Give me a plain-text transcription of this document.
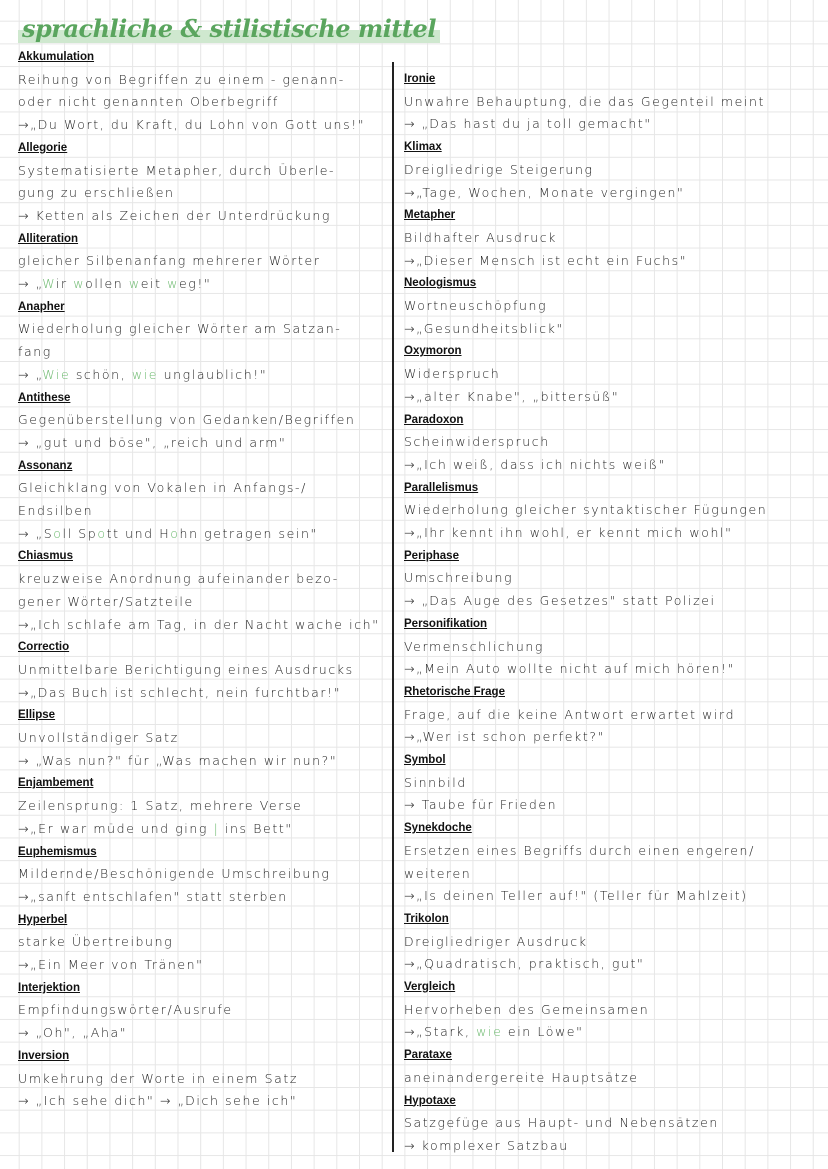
sprachliche & stilistische mittel
Akkumulation
Reihung von Begriffen zu einem - genann-
oder nicht genannten Oberbegriff
→„Du Wort, du Kraft, du Lohn von Gott uns!"
Allegorie
Systematisierte Metapher, durch Überle-
gung zu erschließen
→ Ketten als Zeichen der Unterdrückung
Alliteration
gleicher Silbenanfang mehrerer Wörter
→ „Wir wollen weit weg!"
Anapher
Wiederholung gleicher Wörter am Satzan-
fang
→ „Wie schön, wie unglaublich!"
Antithese
Gegenüberstellung von Gedanken/Begriffen
→ „gut und böse", „reich und arm"
Assonanz
Gleichklang von Vokalen in Anfangs-/
Endsilben
→ „Soll Spott und Hohn getragen sein"
Chiasmus
kreuzweise Anordnung aufeinander bezo-
gener Wörter/Satzteile
→„Ich schlafe am Tag, in der Nacht wache ich"
Correctio
Unmittelbare Berichtigung eines Ausdrucks
→„Das Buch ist schlecht, nein furchtbar!"
Ellipse
Unvollständiger Satz
→ „Was nun?" für „Was machen wir nun?"
Enjambement
Zeilensprung: 1 Satz, mehrere Verse
→„Er war müde und ging | ins Bett"
Euphemismus
Mildernde/Beschönigende Umschreibung
→„sanft entschlafen" statt sterben
Hyperbel
starke Übertreibung
→„Ein Meer von Tränen"
Interjektion
Empfindungswörter/Ausrufe
→ „Oh", „Aha"
Inversion
Umkehrung der Worte in einem Satz
→ „Ich sehe dich" → „Dich sehe ich"
Ironie
Unwahre Behauptung, die das Gegenteil meint
→ „Das hast du ja toll gemacht"
Klimax
Dreigliedrige Steigerung
→„Tage, Wochen, Monate vergingen"
Metapher
Bildhafter Ausdruck
→„Dieser Mensch ist echt ein Fuchs"
Neologismus
Wortneuschöpfung
→„Gesundheitsblick"
Oxymoron
Widerspruch
→„alter Knabe", „bittersüß"
Paradoxon
Scheinwiderspruch
→„Ich weiß, dass ich nichts weiß"
Parallelismus
Wiederholung gleicher syntaktischer Fügungen
→„Ihr kennt ihn wohl, er kennt mich wohl"
Periphase
Umschreibung
→ „Das Auge des Gesetzes" statt Polizei
Personifikation
Vermenschlichung
→„Mein Auto wollte nicht auf mich hören!"
Rhetorische Frage
Frage, auf die keine Antwort erwartet wird
→„Wer ist schon perfekt?"
Symbol
Sinnbild
→ Taube für Frieden
Synekdoche
Ersetzen eines Begriffs durch einen engeren/
weiteren
→„Is deinen Teller auf!" (Teller für Mahlzeit)
Trikolon
Dreigliedriger Ausdruck
→„Quadratisch, praktisch, gut"
Vergleich
Hervorheben des Gemeinsamen
→„Stark, wie ein Löwe"
Parataxe
aneinandergereite Hauptsätze
Hypotaxe
Satzgefüge aus Haupt- und Nebensätzen
→ komplexer Satzbau
